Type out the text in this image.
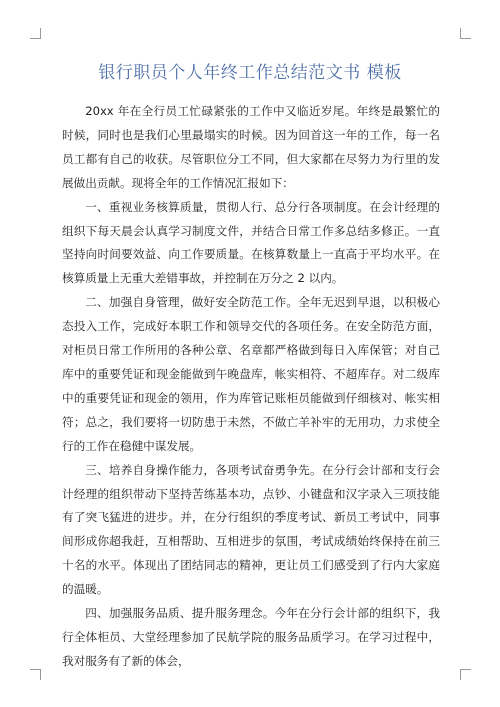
银行职员个人年终工作总结范文书 模板

20xx 年在全行员工忙碌紧张的工作中又临近岁尾。年终是最繁忙的时候，同时也是我们心里最塌实的时候。因为回首这一年的工作，每一名员工都有自己的收获。尽管职位分工不同，但大家都在尽努力为行里的发展做出贡献。现将全年的工作情况汇报如下：

一、重视业务核算质量，贯彻人行、总分行各项制度。在会计经理的组织下每天晨会认真学习制度文件，并结合日常工作多总结多修正。一直坚持向时间要效益、向工作要质量。在核算数量上一直高于平均水平。在核算质量上无重大差错事故，并控制在万分之 2 以内。

二、加强自身管理，做好安全防范工作。全年无迟到早退，以积极心态投入工作，完成好本职工作和领导交代的各项任务。在安全防范方面，对柜员日常工作所用的各种公章、名章都严格做到每日入库保管；对自己库中的重要凭证和现金能做到午晚盘库，帐实相符、不超库存。对二级库中的重要凭证和现金的领用，作为库管记账柜员能做到仔细核对、帐实相符；总之，我们要将一切防患于未然，不做亡羊补牢的无用功，力求使全行的工作在稳健中谋发展。

三、培养自身操作能力，各项考试奋勇争先。在分行会计部和支行会计经理的组织带动下坚持苦练基本功，点钞、小键盘和汉字录入三项技能有了突飞猛进的进步。并，在分行组织的季度考试、新员工考试中，同事间形成你超我赶，互相帮助、互相进步的氛围，考试成绩始终保持在前三十名的水平。体现出了团结同志的精神，更让员工们感受到了行内大家庭的温暖。

四、加强服务品质、提升服务理念。今年在分行会计部的组织下，我行全体柜员、大堂经理参加了民航学院的服务品质学习。在学习过程中，我对服务有了新的体会，
